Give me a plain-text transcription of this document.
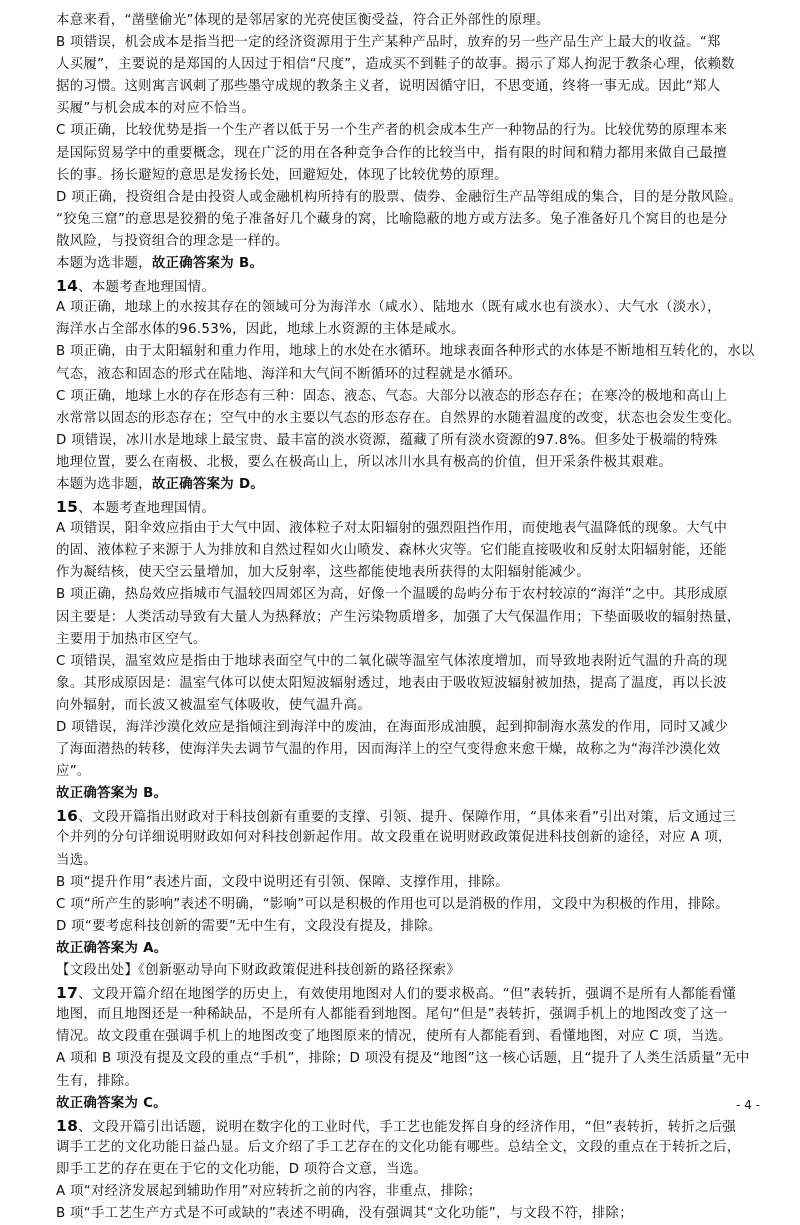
本意来看，“凿壁偷光”体现的是邻居家的光亮使匡衡受益，符合正外部性的原理。
B 项错误，机会成本是指当把一定的经济资源用于生产某种产品时，放弃的另一些产品生产上最大的收益。“郑
人买履”，主要说的是郑国的人因过于相信“尺度”，造成买不到鞋子的故事。揭示了郑人拘泥于教条心理，依赖数
据的习惯。这则寓言讽刺了那些墨守成规的教条主义者，说明因循守旧，不思变通，终将一事无成。因此“郑人
买履”与机会成本的对应不恰当。
C 项正确，比较优势是指一个生产者以低于另一个生产者的机会成本生产一种物品的行为。比较优势的原理本来
是国际贸易学中的重要概念，现在广泛的用在各种竞争合作的比较当中，指有限的时间和精力都用来做自己最擅
长的事。扬长避短的意思是发扬长处，回避短处，体现了比较优势的原理。
D 项正确，投资组合是由投资人或金融机构所持有的股票、债券、金融衍生产品等组成的集合，目的是分散风险。
“狡兔三窟”的意思是狡猾的兔子准备好几个藏身的窝，比喻隐蔽的地方或方法多。兔子准备好几个窝目的也是分
散风险，与投资组合的理念是一样的。
本题为选非题，故正确答案为 B。
14、本题考查地理国情。
A 项正确，地球上的水按其存在的领域可分为海洋水（咸水）、陆地水（既有咸水也有淡水）、大气水（淡水），
海洋水占全部水体的96.53%，因此，地球上水资源的主体是咸水。
B 项正确，由于太阳辐射和重力作用，地球上的水处在水循环。地球表面各种形式的水体是不断地相互转化的，水以
气态，液态和固态的形式在陆地、海洋和大气间不断循环的过程就是水循环。
C 项正确，地球上水的存在形态有三种：固态、液态、气态。大部分以液态的形态存在；在寒冷的极地和高山上
水常常以固态的形态存在；空气中的水主要以气态的形态存在。自然界的水随着温度的改变，状态也会发生变化。
D 项错误，冰川水是地球上最宝贵、最丰富的淡水资源，蕴藏了所有淡水资源的97.8%。但多处于极端的特殊
地理位置，要么在南极、北极，要么在极高山上，所以冰川水具有极高的价值，但开采条件极其艰难。
本题为选非题，故正确答案为 D。
15、本题考查地理国情。
A 项错误，阳伞效应指由于大气中固、液体粒子对太阳辐射的强烈阻挡作用，而使地表气温降低的现象。大气中
的固、液体粒子来源于人为排放和自然过程如火山喷发、森林火灾等。它们能直接吸收和反射太阳辐射能，还能
作为凝结核，使天空云量增加，加大反射率，这些都能使地表所获得的太阳辐射能减少。
B 项正确，热岛效应指城市气温较四周郊区为高，好像一个温暖的岛屿分布于农村较凉的“海洋”之中。其形成原
因主要是：人类活动导致有大量人为热释放；产生污染物质增多，加强了大气保温作用；下垫面吸收的辐射热量，
主要用于加热市区空气。
C 项错误，温室效应是指由于地球表面空气中的二氧化碳等温室气体浓度增加，而导致地表附近气温的升高的现
象。其形成原因是：温室气体可以使太阳短波辐射透过，地表由于吸收短波辐射被加热，提高了温度，再以长波
向外辐射，而长波又被温室气体吸收，使气温升高。
D 项错误，海洋沙漠化效应是指倾注到海洋中的废油，在海面形成油膜，起到抑制海水蒸发的作用，同时又减少
了海面潜热的转移，使海洋失去调节气温的作用，因而海洋上的空气变得愈来愈干燥，故称之为“海洋沙漠化效
应”。
故正确答案为 B。
16、文段开篇指出财政对于科技创新有重要的支撑、引领、提升、保障作用，“具体来看”引出对策，后文通过三
个并列的分句详细说明财政如何对科技创新起作用。故文段重在说明财政政策促进科技创新的途径，对应 A 项，
当选。
B 项“提升作用”表述片面，文段中说明还有引领、保障、支撑作用，排除。
C 项“所产生的影响”表述不明确，“影响”可以是积极的作用也可以是消极的作用，文段中为积极的作用，排除。
D 项“要考虑科技创新的需要”无中生有，文段没有提及，排除。
故正确答案为 A。
【文段出处】《创新驱动导向下财政政策促进科技创新的路径探索》
17、文段开篇介绍在地图学的历史上，有效使用地图对人们的要求极高。“但”表转折，强调不是所有人都能看懂
地图，而且地图还是一种稀缺品，不是所有人都能看到地图。尾句“但是”表转折，强调手机上的地图改变了这一
情况。故文段重在强调手机上的地图改变了地图原来的情况，使所有人都能看到、看懂地图，对应 C 项，当选。
A 项和 B 项没有提及文段的重点“手机”，排除；D 项没有提及“地图”这一核心话题，且“提升了人类生活质量”无中
生有，排除。
故正确答案为 C。
18、文段开篇引出话题，说明在数字化的工业时代，手工艺也能发挥自身的经济作用，“但”表转折，转折之后强
调手工艺的文化功能日益凸显。后文介绍了手工艺存在的文化功能有哪些。总结全文，文段的重点在于转折之后，
即手工艺的存在更在于它的文化功能，D 项符合文意，当选。
A 项“对经济发展起到辅助作用”对应转折之前的内容，非重点，排除；
B 项“手工艺生产方式是不可或缺的”表述不明确，没有强调其“文化功能”，与文段不符，排除；
- 4 -
